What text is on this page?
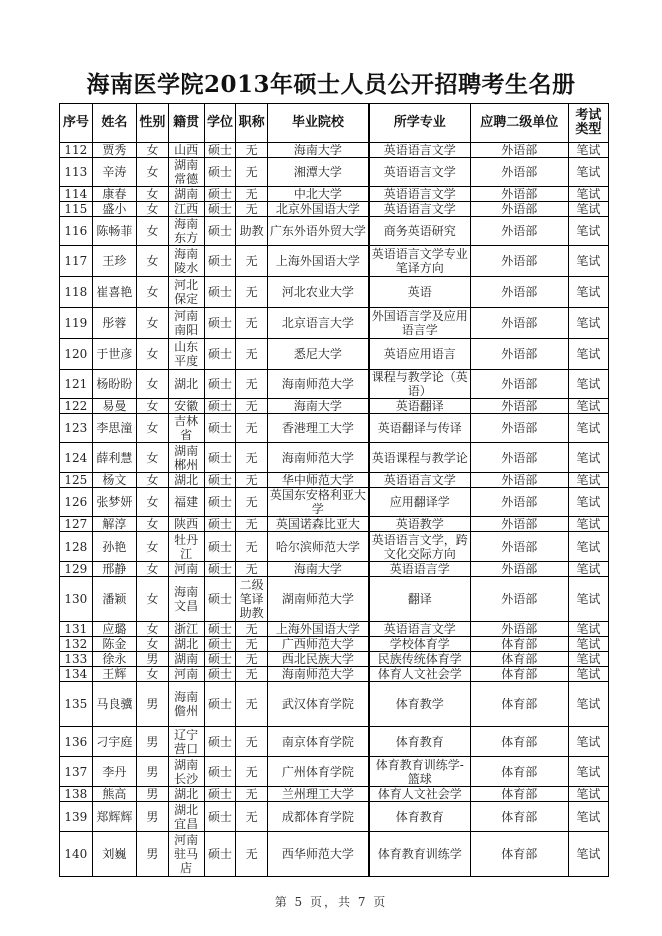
海南医学院2013年硕士人员公开招聘考生名册
序号	姓名	性别	籍贯	学位	职称	毕业院校	所学专业	应聘二级单位	考试类型
112	贾秀	女	山西	硕士	无	海南大学	英语语言文学	外语部	笔试
113	辛涛	女	湖南常德	硕士	无	湘潭大学	英语语言文学	外语部	笔试
114	康春	女	湖南	硕士	无	中北大学	英语语言文学	外语部	笔试
115	盛小	女	江西	硕士	无	北京外国语大学	英语语言文学	外语部	笔试
116	陈畅菲	女	海南东方	硕士	助教	广东外语外贸大学	商务英语研究	外语部	笔试
117	王珍	女	海南陵水	硕士	无	上海外国语大学	英语语言文学专业笔译方向	外语部	笔试
118	崔喜艳	女	河北保定	硕士	无	河北农业大学	英语	外语部	笔试
119	彤蓉	女	河南南阳	硕士	无	北京语言大学	外国语言学及应用语言学	外语部	笔试
120	于世彦	女	山东平度	硕士	无	悉尼大学	英语应用语言	外语部	笔试
121	杨盼盼	女	湖北	硕士	无	海南师范大学	课程与教学论（英语）	外语部	笔试
122	易曼	女	安徽	硕士	无	海南大学	英语翻译	外语部	笔试
123	李思潼	女	吉林省	硕士	无	香港理工大学	英语翻译与传译	外语部	笔试
124	薛利慧	女	湖南郴州	硕士	无	海南师范大学	英语课程与教学论	外语部	笔试
125	杨文	女	湖北	硕士	无	华中师范大学	英语语言文学	外语部	笔试
126	张梦妍	女	福建	硕士	无	英国东安格利亚大学	应用翻译学	外语部	笔试
127	解淳	女	陕西	硕士	无	英国诺森比亚大	英语教学	外语部	笔试
128	孙艳	女	牡丹江	硕士	无	哈尔滨师范大学	英语语言文学，跨文化交际方向	外语部	笔试
129	邢静	女	河南	硕士	无	海南大学	英语语言学	外语部	笔试
130	潘颖	女	海南文昌	硕士	二级笔译助教	湖南师范大学	翻译	外语部	笔试
131	应璐	女	浙江	硕士	无	上海外国语大学	英语语言文学	外语部	笔试
132	陈金	女	湖北	硕士	无	广西师范大学	学校体育学	体育部	笔试
133	徐永	男	湖南	硕士	无	西北民族大学	民族传统体育学	体育部	笔试
134	王辉	女	河南	硕士	无	海南师范大学	体育人文社会学	体育部	笔试
135	马良骥	男	海南儋州	硕士	无	武汉体育学院	体育教学	体育部	笔试
136	刁宇庭	男	辽宁营口	硕士	无	南京体育学院	体育教育	体育部	笔试
137	李丹	男	湖南长沙	硕士	无	广州体育学院	体育教育训练学-篮球	体育部	笔试
138	熊高	男	湖北	硕士	无	兰州理工大学	体育人文社会学	体育部	笔试
139	郑辉辉	男	湖北宜昌	硕士	无	成都体育学院	体育教育	体育部	笔试
140	刘巍	男	河南驻马店	硕士	无	西华师范大学	体育教育训练学	体育部	笔试
第 5 页，共 7 页
